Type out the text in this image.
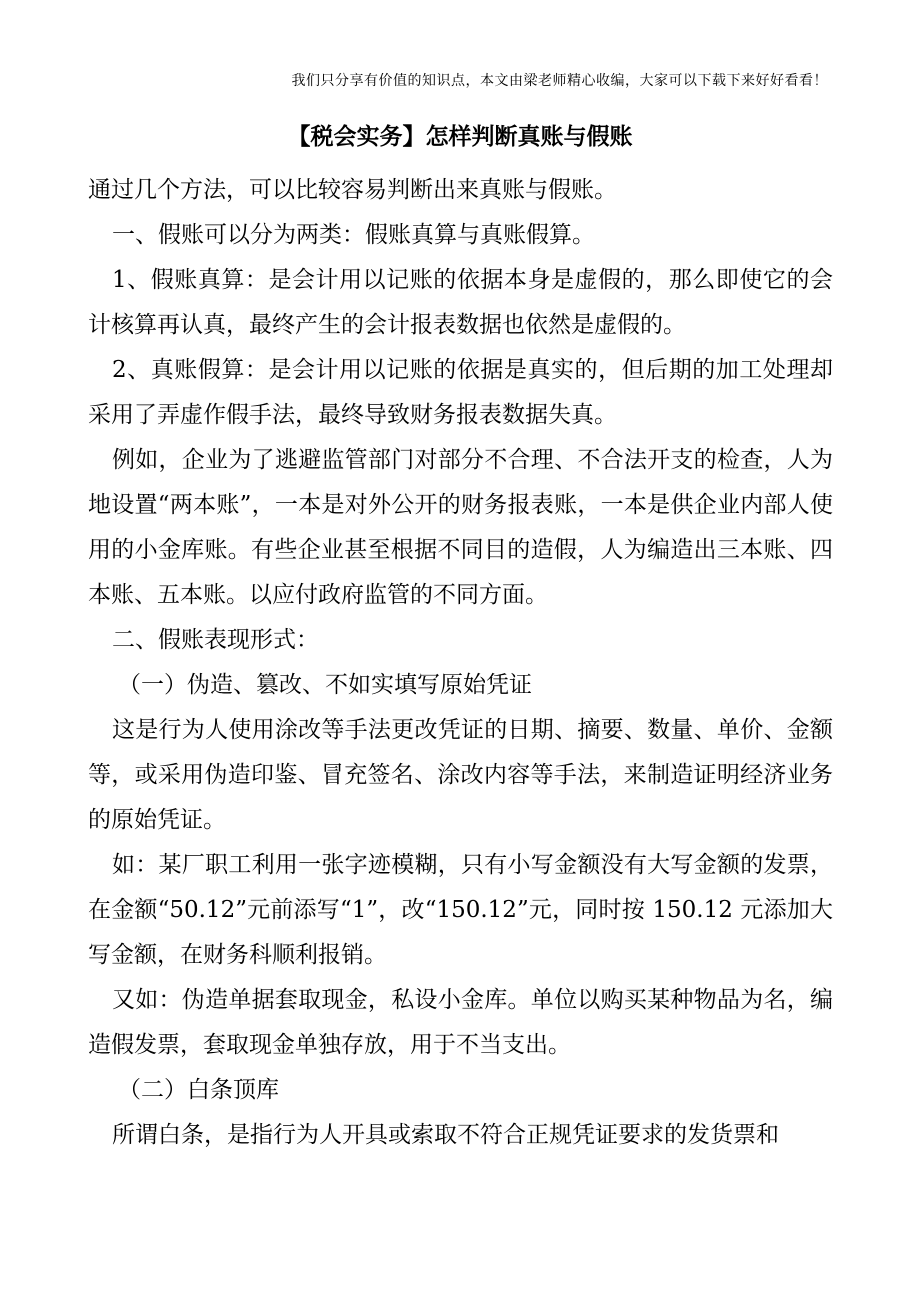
我们只分享有价值的知识点，本文由梁老师精心收编，大家可以下载下来好好看看！
【税会实务】怎样判断真账与假账

通过几个方法，可以比较容易判断出来真账与假账。

一、假账可以分为两类：假账真算与真账假算。

1、假账真算：是会计用以记账的依据本身是虚假的，那么即使它的会计核算再认真，最终产生的会计报表数据也依然是虚假的。

2、真账假算：是会计用以记账的依据是真实的，但后期的加工处理却采用了弄虚作假手法，最终导致财务报表数据失真。

例如，企业为了逃避监管部门对部分不合理、不合法开支的检查，人为地设置“两本账”，一本是对外公开的财务报表账，一本是供企业内部人使用的小金库账。有些企业甚至根据不同目的造假，人为编造出三本账、四本账、五本账。以应付政府监管的不同方面。

二、假账表现形式：

（一）伪造、篡改、不如实填写原始凭证

这是行为人使用涂改等手法更改凭证的日期、摘要、数量、单价、金额等，或采用伪造印鉴、冒充签名、涂改内容等手法，来制造证明经济业务的原始凭证。

如：某厂职工利用一张字迹模糊，只有小写金额没有大写金额的发票，在金额“50.12”元前添写“1”，改“150.12”元，同时按 150.12 元添加大写金额，在财务科顺利报销。

又如：伪造单据套取现金，私设小金库。单位以购买某种物品为名，编造假发票，套取现金单独存放，用于不当支出。

（二）白条顶库

所谓白条，是指行为人开具或索取不符合正规凭证要求的发货票和
